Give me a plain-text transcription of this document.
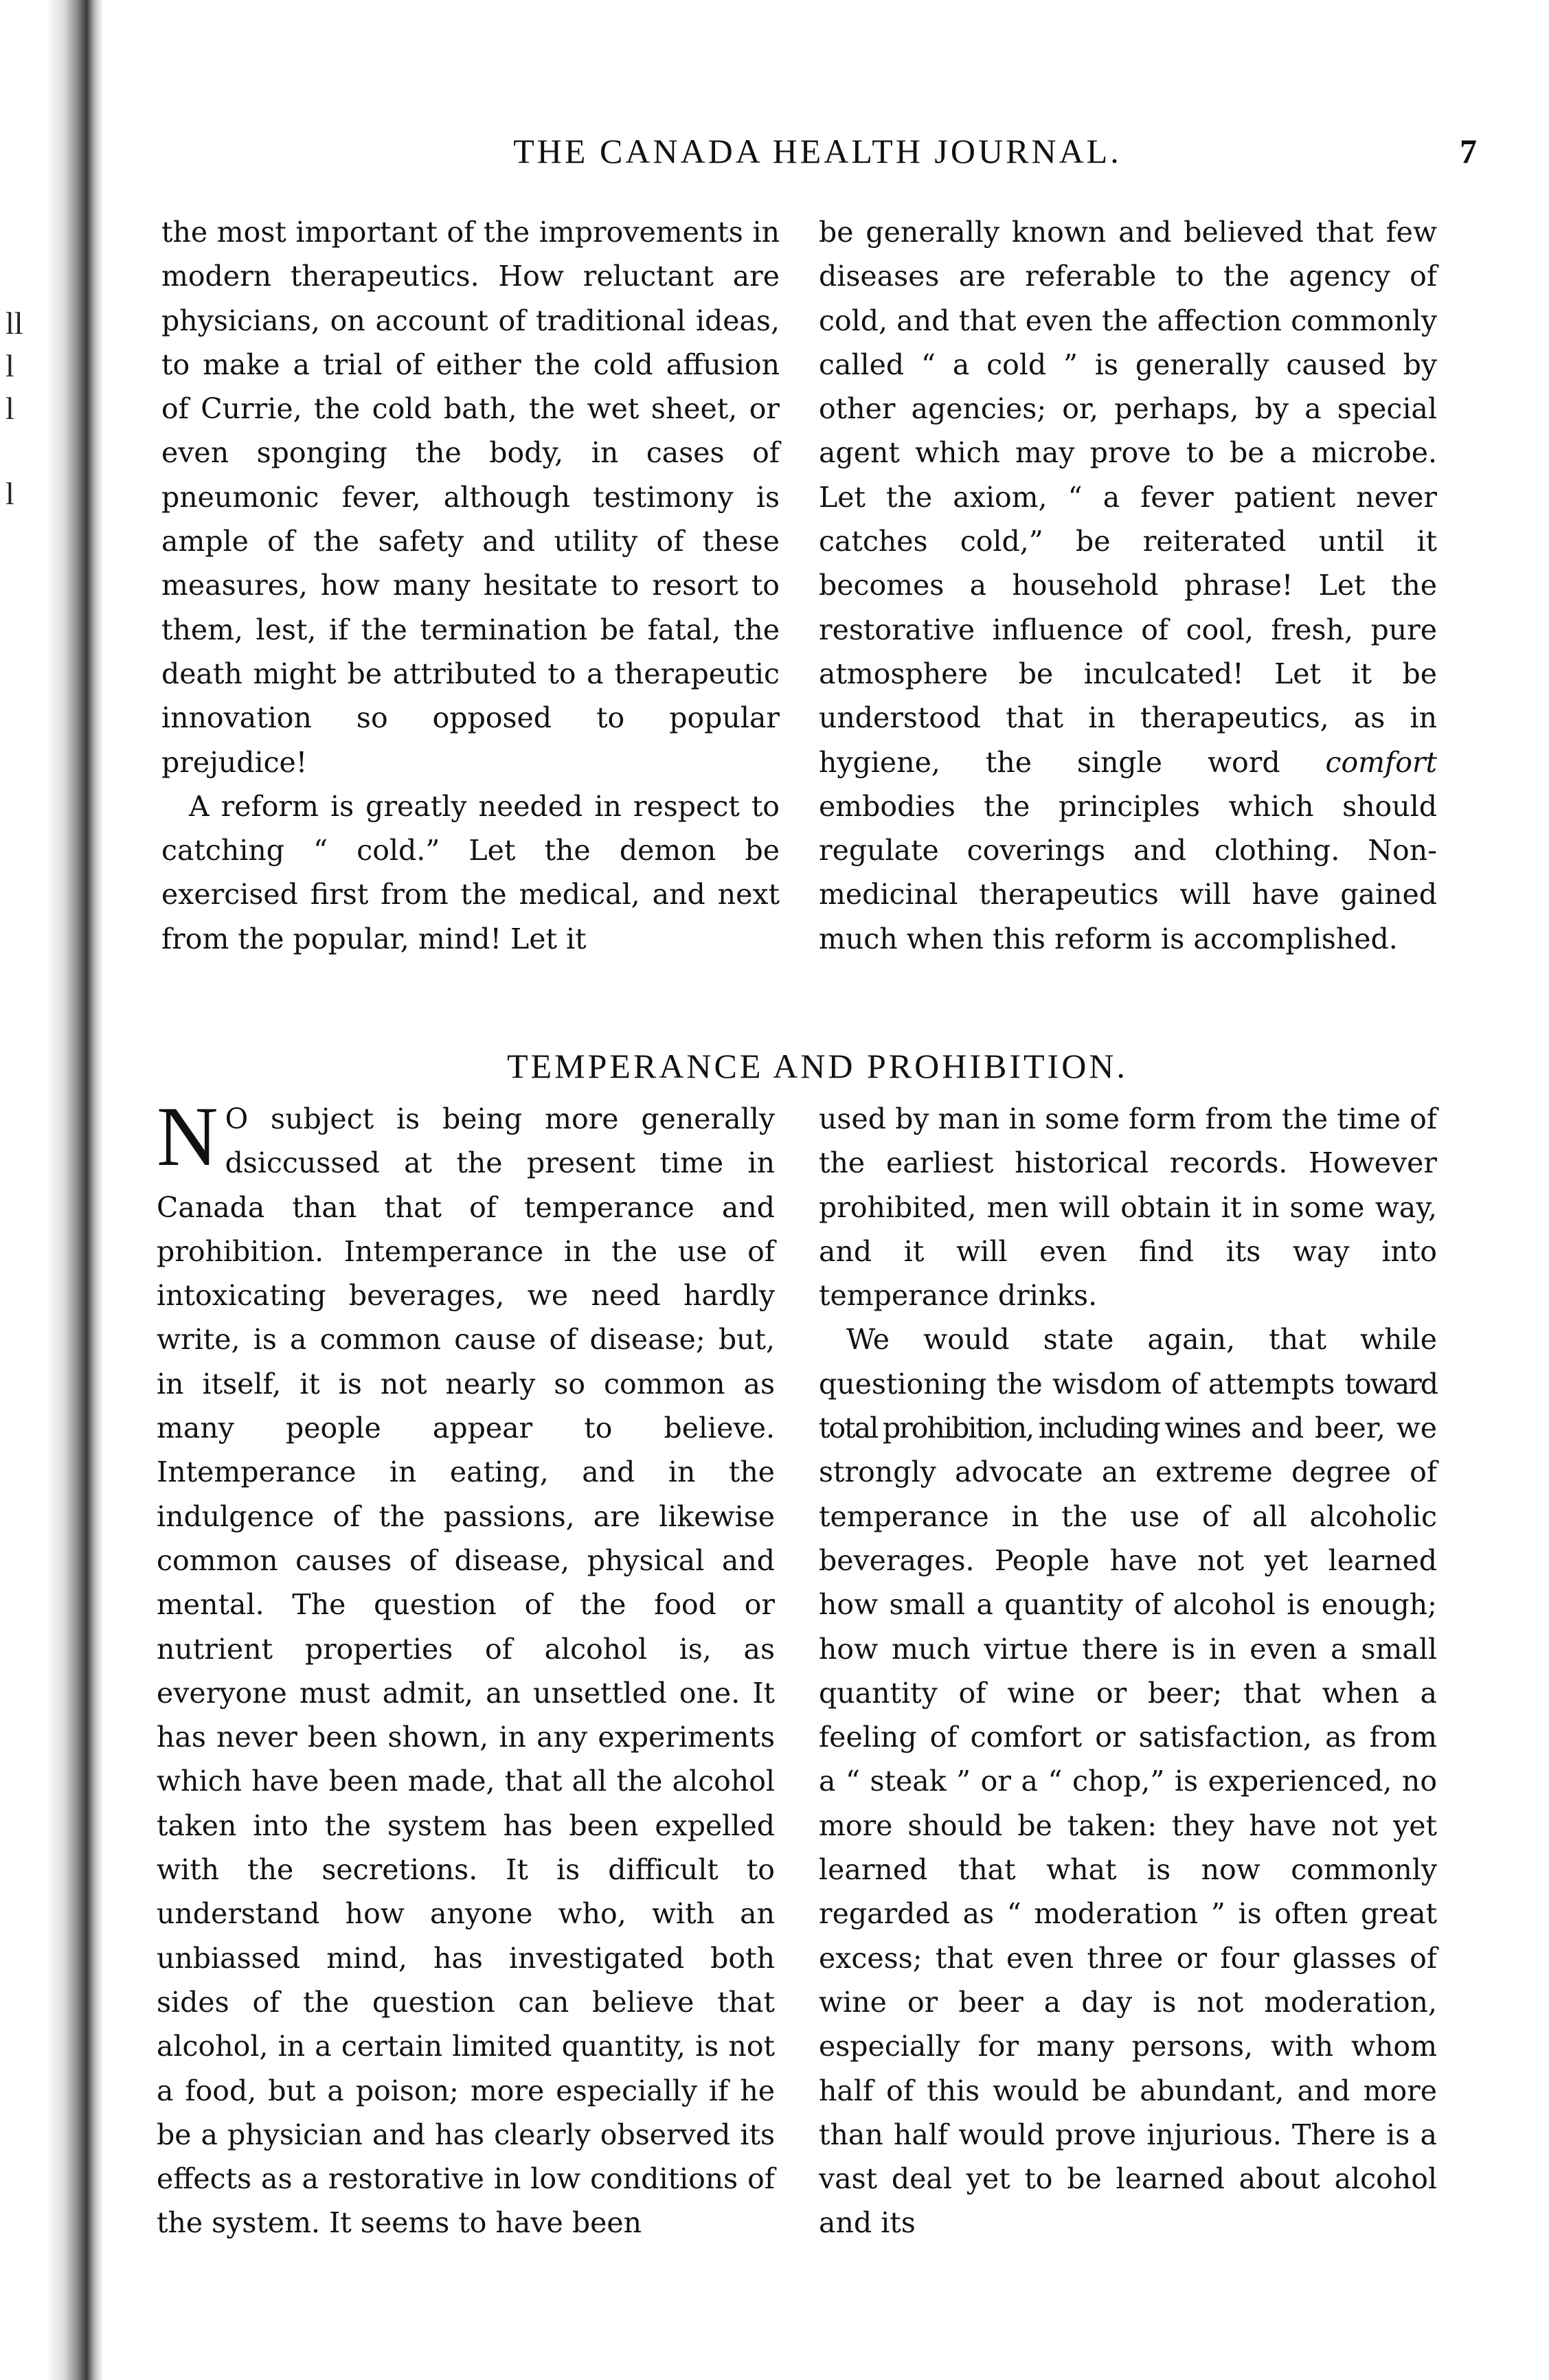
ll
l
l
l
THE CANADA HEALTH JOURNAL.	7

the most important of the improvements in modern therapeutics. How reluctant are physicians, on account of traditional ideas, to make a trial of either the cold affusion of Currie, the cold bath, the wet sheet, or even sponging the body, in cases of pneumonic fever, although testimony is ample of the safety and utility of these measures, how many hesitate to resort to them, lest, if the termination be fatal, the death might be attributed to a therapeutic innovation so opposed to popular prejudice!

A reform is greatly needed in respect to catching “ cold.” Let the demon be exercised first from the medical, and next from the popular, mind! Let it

be generally known and believed that few diseases are referable to the agency of cold, and that even the affection commonly called “ a cold ” is generally caused by other agencies; or, perhaps, by a special agent which may prove to be a microbe. Let the axiom, “ a fever patient never catches cold,” be reiterated until it becomes a household phrase! Let the restorative influence of cool, fresh, pure atmosphere be inculcated! Let it be understood that in therapeutics, as in hygiene, the single word comfort embodies the principles which should regulate coverings and clothing. Non-medicinal therapeutics will have gained much when this reform is accomplished.

TEMPERANCE AND PROHIBITION.

N O subject is being more generally dsiccussed at the present time in Canada than that of temperance and prohibition. Intemperance in the use of intoxicating beverages, we need hardly write, is a common cause of disease; but, in itself, it is not nearly so common as many people appear to believe. Intemperance in eating, and in the indulgence of the passions, are likewise common causes of disease, physical and mental. The question of the food or nutrient properties of alcohol is, as everyone must admit, an unsettled one. It has never been shown, in any experiments which have been made, that all the alcohol taken into the system has been expelled with the secretions. It is difficult to understand how anyone who, with an unbiassed mind, has investigated both sides of the question can believe that alcohol, in a certain limited quantity, is not a food, but a poison; more especially if he be a physician and has clearly observed its effects as a restorative in low conditions of the system. It seems to have been

used by man in some form from the time of the earliest historical records. However prohibited, men will obtain it in some way, and it will even find its way into temperance drinks.

We would state again, that while questioning the wisdom of attempts toward total prohibition, including wines and beer, we strongly advocate an extreme degree of temperance in the use of all alcoholic beverages. People have not yet learned how small a quantity of alcohol is enough; how much virtue there is in even a small quantity of wine or beer; that when a feeling of comfort or satisfaction, as from a “ steak ” or a “ chop,” is experienced, no more should be taken: they have not yet learned that what is now commonly regarded as “ moderation ” is often great excess; that even three or four glasses of wine or beer a day is not moderation, especially for many persons, with whom half of this would be abundant, and more than half would prove injurious. There is a vast deal yet to be learned about alcohol and its
